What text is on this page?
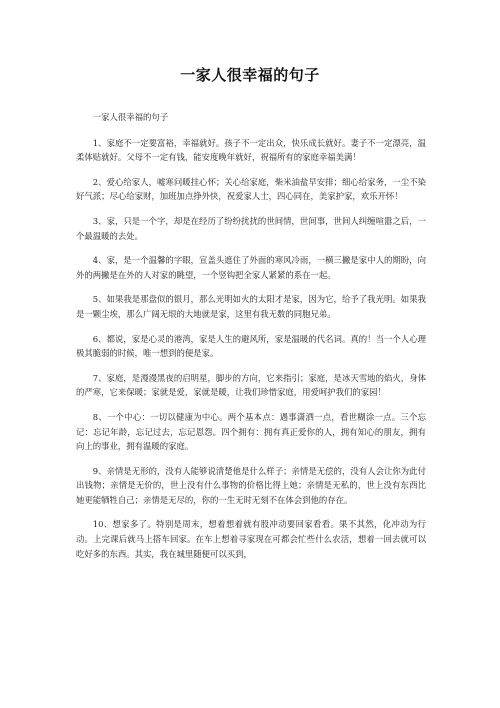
一家人很幸福的句子

一家人很幸福的句子

1、家庭不一定要富裕，幸福就好。孩子不一定出众，快乐成长就好。妻子不一定漂亮，温柔体贴就好。父母不一定有钱，能安度晚年就好，祝福所有的家庭幸福美满！

2、爱心给家人，嘘寒问暖挂心怀；关心给家庭，柴米油盐早安排；细心给家务，一尘不染好气派；尽心给家财，加班加点挣外快，祝爱家人士，四心同在，美家护家，欢乐开怀！

3、家，只是一个字，却是在经历了纷纷扰扰的世间情，世间事，世间人纠缠喧嚣之后，一个最温暖的去处。

4、家，是一个温馨的字眼，宣盖头遮住了外面的寒风冷雨，一横三撇是家中人的期盼，向外的两撇是在外的人对家的眺望，一个竖钩把全家人紧紧的系在一起。

5、如果我是那盘似的银月，那么光明如火的太阳才是家，因为它，给予了我光明。如果我是一颗尘埃，那么广阔无垠的大地就是家，这里有我无数的同胞兄弟。

6、都说，家是心灵的港湾，家是人生的避风所，家是温暖的代名词。真的！当一个人心理极其脆弱的时候，唯一想到的便是家。

7、家庭，是漫漫黑夜的启明星，脚步的方向，它来指引；家庭，是冰天雪地的焰火，身体的严寒，它来保暖；家就是爱，家就是暖，让我们珍惜家庭，用爱呵护我们的家园！

8、一个中心：一切以健康为中心。两个基本点：遇事潇洒一点，看世糊涂一点。三个忘记：忘记年龄，忘记过去，忘记恩怨。四个拥有：拥有真正爱你的人，拥有知心的朋友，拥有向上的事业，拥有温暖的家庭。

9、亲情是无形的，没有人能够说清楚他是什么样子；亲情是无偿的，没有人会让你为此付出钱物；亲情是无价的，世上没有什么事物的价格比得上她；亲情是无私的，世上没有东西比她更能牺牲自己；亲情是无尽的，你的一生无时无刻不在体会到他的存在。

10、想家多了。特别是周末，想着想着就有股冲动要回家看看。果不其然，化冲动为行动。上完课后就马上搭车回家。在车上想着寻家现在可都会忙些什么农活，想着一回去就可以吃好多的东西。其实，我在城里随便可以买到，
